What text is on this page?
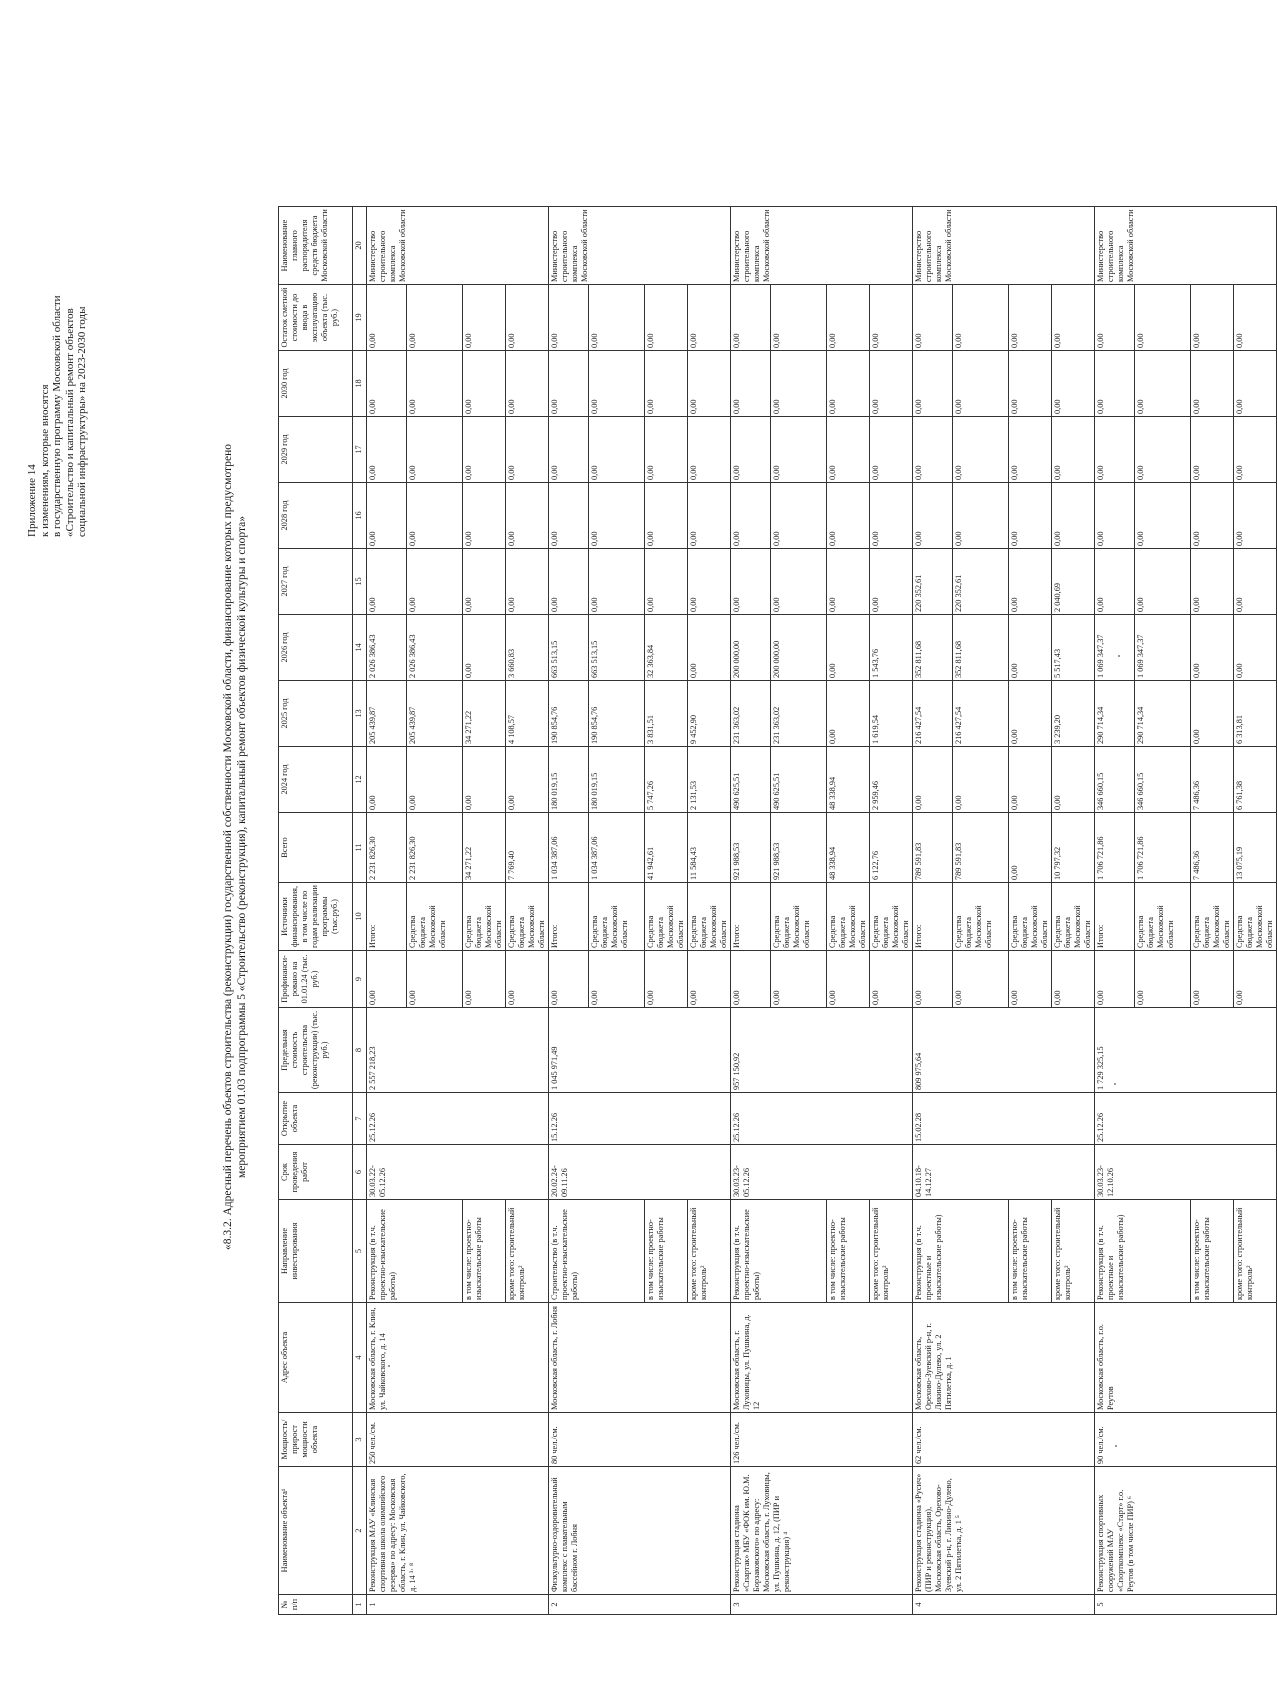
Приложение 14 к изменениям, которые вносятся в государственную программу Московской области «Строительство и капитальный ремонт объектов социальной инфраструктуры» на 2023-2030 годы
«8.3.2. Адресный перечень объектов строительства (реконструкции) государственной собственности Московской области, финансирование которых предусмотрено мероприятием 01.03 подпрограммы 5 «Строительство (реконструкция), капитальный ремонт объектов физической культуры и спорта»
№ п/п	Наименование объекта¹	Мощность/ прирост мощности объекта	Адрес объекта	Направление инвестирования	Срок проведения работ	Открытие объекта	Предельная стоимость строительства (реконструкции) (тыс. руб.)	Профинанси-ровано на 01.01.24 (тыс. руб.)	Источники финансирования, в том числе по годам реализации программы (тыс.руб.)	Всего	2024 год	2025 год	2026 год	2027 год	2028 год	2029 год	2030 год	Остаток сметной стоимости до ввода в эксплуатацию объекта (тыс. руб.)	Наименование главного распорядителя средств бюджета Московской области
1	2	3	4	5	6	7	8	9	10	11	12	13	14	15	16	17	18	19	20
1	Реконструкция МАУ «Клинская спортивная школа олимпийского резерва» по адресу: Московская область, г. Клин, ул. Чайковского, д. 14 ³· ⁸	250 чел./см.	Московская область, г. Клин, ул. Чайковского, д. 14	Реконструкция (в т.ч. проектно-изыскательские работы)	30.03.22-05.12.26	25.12.26	2 557 218,23	0,00	Итого:	2 231 826,30	0,00	205 439,87	2 026 386,43	0,00	0,00	0,00	0,00	0,00	Министерство строительного комплекса Московской области
								0,00	Средства бюджета Московской области	2 231 826,30	0,00	205 439,87	2 026 386,43	0,00	0,00	0,00	0,00	0,00	
				в том числе: проектно-изыскательские работы				0,00	Средства бюджета Московской области	34 271,22	0,00	34 271,22	0,00	0,00	0,00	0,00	0,00	0,00	
				кроме того: строительный контроль²				0,00	Средства бюджета Московской области	7 769,40	0,00	4 108,57	3 660,83	0,00	0,00	0,00	0,00	0,00	
2	Физкультурно-оздоровительный комплекс с плавательным бассейном г. Лобня	80 чел./см.	Московская область, г. Лобня	Строительство (в т.ч. проектно-изыскательские работы)	20.02.24-09.11.26	15.12.26	1 045 971,49	0,00	Итого:	1 034 387,06	180 019,15	190 854,76	663 513,15	0,00	0,00	0,00	0,00	0,00	Министерство строительного комплекса Московской области
								0,00	Средства бюджета Московской области	1 034 387,06	180 019,15	190 854,76	663 513,15	0,00	0,00	0,00	0,00	0,00	
				в том числе: проектно-изыскательские работы				0,00	Средства бюджета Московской области	41 942,61	5 747,26	3 831,51	32 363,84	0,00	0,00	0,00	0,00	0,00	
				кроме того: строительный контроль²				0,00	Средства бюджета Московской области	11 584,43	2 131,53	9 452,90	0,00	0,00	0,00	0,00	0,00	0,00	
3	Реконструкция стадиона «Спартак» МБУ «ФОК им. Ю.М. Борзаковского» по адресу: Московская область, г. Луховицы, ул. Пушкина, д. 12, (ПИР и реконструкция) ⁴	126 чел./см.	Московская область, г. Луховицы, ул. Пушкина, д. 12	Реконструкция (в т.ч. проектно-изыскательские работы)	30.03.23-05.12.26	25.12.26	957 150,92	0,00	Итого:	921 988,53	490 625,51	231 363,02	200 000,00	0,00	0,00	0,00	0,00	0,00	Министерство строительного комплекса Московской области
								0,00	Средства бюджета Московской области	921 988,53	490 625,51	231 363,02	200 000,00	0,00	0,00	0,00	0,00	0,00	
				в том числе: проектно-изыскательские работы				0,00	Средства бюджета Московской области	48 338,94	48 338,94	0,00	0,00	0,00	0,00	0,00	0,00	0,00	
				кроме того: строительный контроль²				0,00	Средства бюджета Московской области	6 122,76	2 959,46	1 619,54	1 543,76	0,00	0,00	0,00	0,00	0,00	
4	Реконструкция стадиона «Русич» (ПИР и реконструкция), Московская область, Орехово-Зуевский р-н, г. Ликино-Дулево, ул. 2 Пятилетка, д. 1 ⁵	62 чел./см.	Московская область, Орехово-Зуевский р-н, г. Ликино-Дулево, ул. 2 Пятилетка, д. 1	Реконструкция (в т.ч. проектные и изыскательские работы)	04.10.18-14.12.27	15.02.28	809 975,64	0,00	Итого:	789 591,83	0,00	216 427,54	352 811,68	220 352,61	0,00	0,00	0,00	0,00	Министерство строительного комплекса Московской области
								0,00	Средства бюджета Московской области	789 591,83	0,00	216 427,54	352 811,68	220 352,61	0,00	0,00	0,00	0,00	
				в том числе: проектно-изыскательские работы				0,00	Средства бюджета Московской области	0,00	0,00	0,00	0,00	0,00	0,00	0,00	0,00	0,00	
				кроме того: строительный контроль²				0,00	Средства бюджета Московской области	10 797,32	0,00	3 239,20	5 517,43	2 040,69	0,00	0,00	0,00	0,00	
5	Реконструкция спортивных сооружений МАУ «Спорткомплекс «Старт» г.о. Реутов (в том числе ПИР) ⁶	90 чел./см.	Московская область, г.о. Реутов	Реконструкция (в т.ч. проектные и изыскательские работы)	30.03.23-12.10.26	25.12.26	1 729 325,15	0,00	Итого:	1 706 721,86	346 660,15	290 714,34	1 069 347,37	0,00	0,00	0,00	0,00	0,00	Министерство строительного комплекса Московской области
								0,00	Средства бюджета Московской области	1 706 721,86	346 660,15	290 714,34	1 069 347,37	0,00	0,00	0,00	0,00	0,00	
				в том числе: проектно-изыскательские работы				0,00	Средства бюджета Московской области	7 486,36	7 486,36	0,00	0,00	0,00	0,00	0,00	0,00	0,00	
				кроме того: строительный контроль²				0,00	Средства бюджета Московской области	13 075,19	6 761,38	6 313,81	0,00	0,00	0,00	0,00	0,00	0,00	
